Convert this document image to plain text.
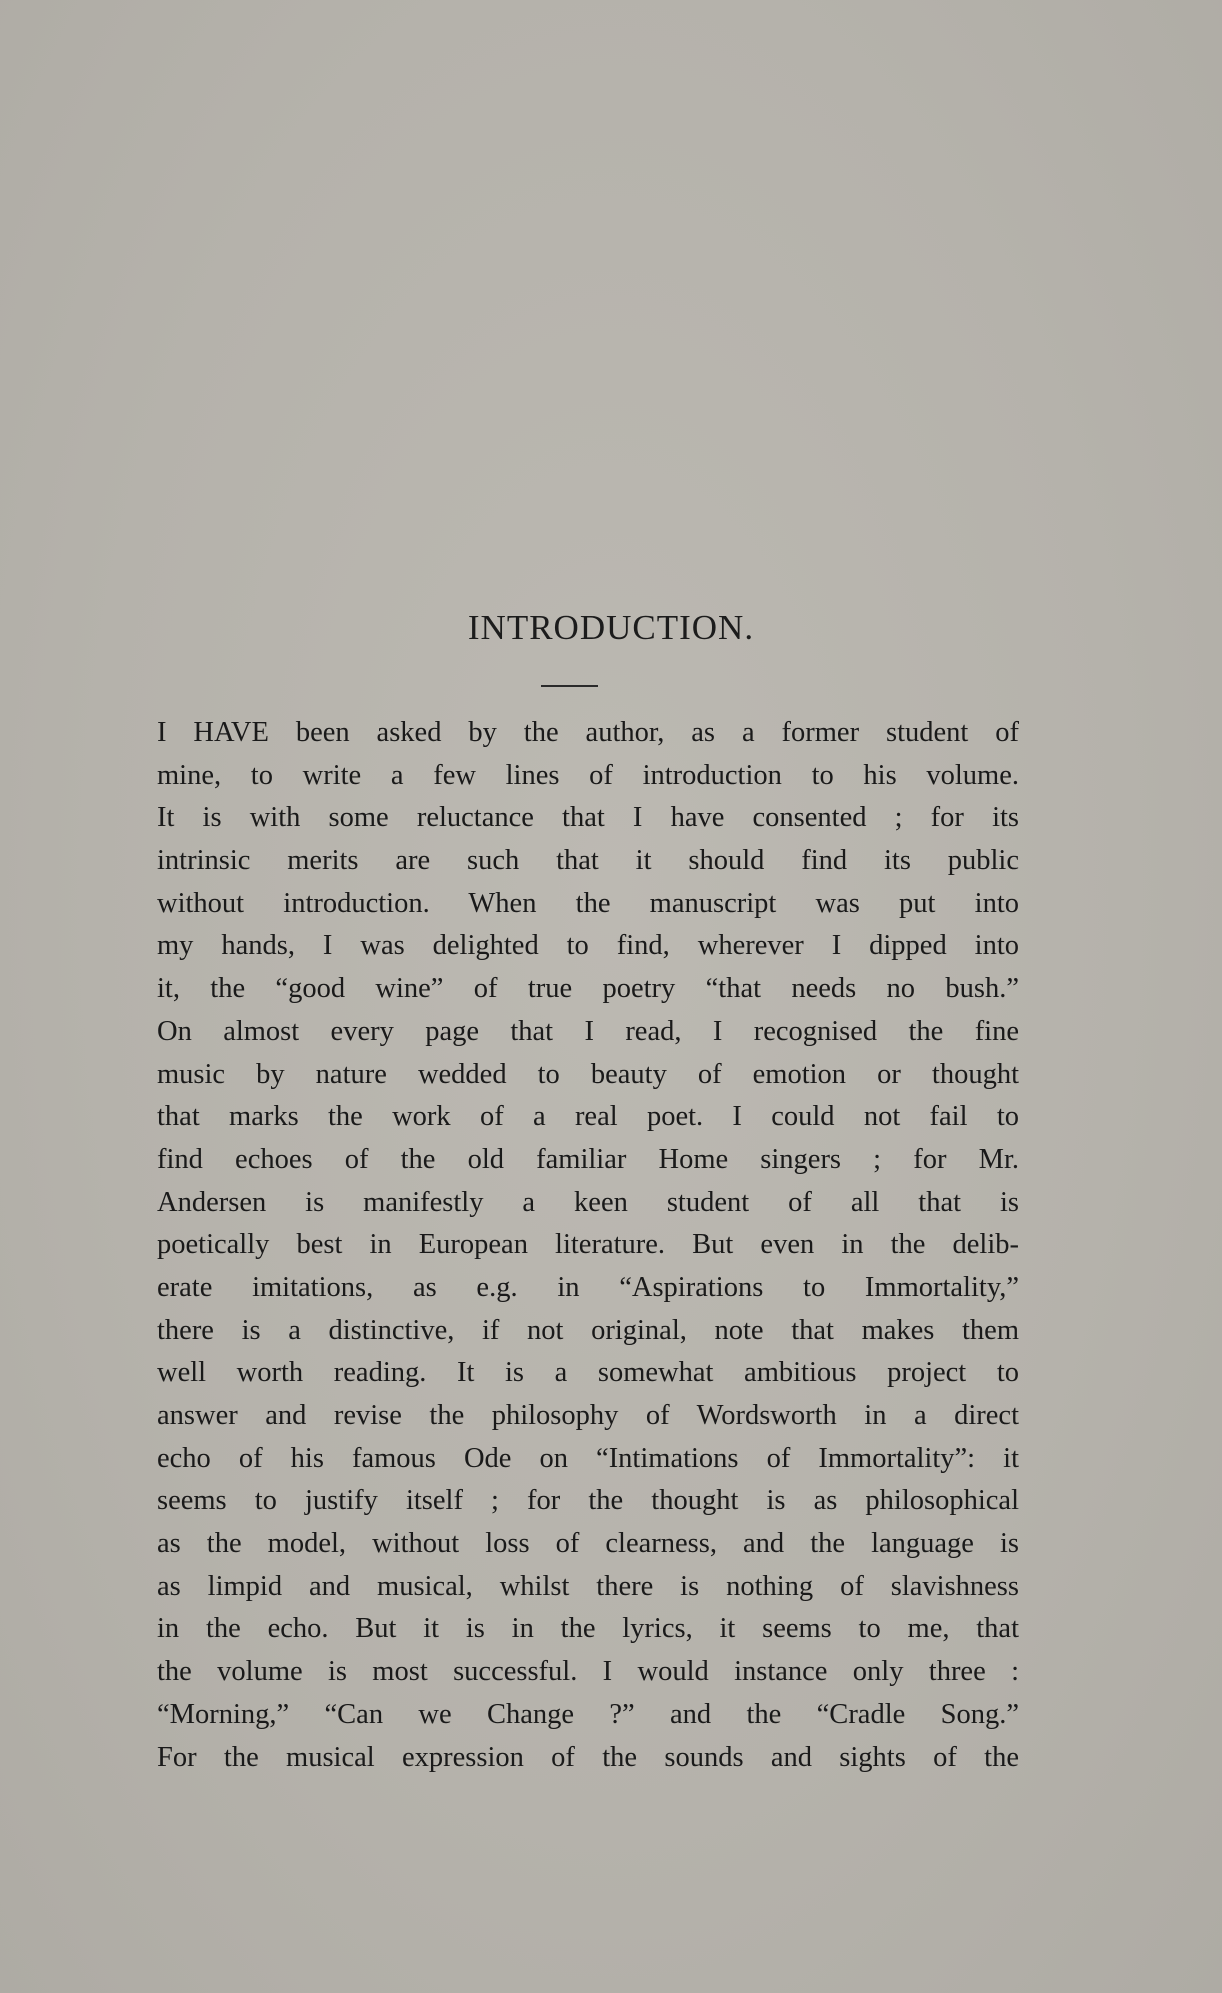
INTRODUCTION.
I HAVE been asked by the author, as a former student of
mine, to write a few lines of introduction to his volume.
It is with some reluctance that I have consented ; for its
intrinsic merits are such that it should find its public
without introduction. When the manuscript was put into
my hands, I was delighted to find, wherever I dipped into
it, the “good wine” of true poetry “that needs no bush.”
On almost every page that I read, I recognised the fine
music by nature wedded to beauty of emotion or thought
that marks the work of a real poet. I could not fail to
find echoes of the old familiar Home singers ; for Mr.
Andersen is manifestly a keen student of all that is
poetically best in European literature. But even in the delib-
erate imitations, as e.g. in “Aspirations to Immortality,”
there is a distinctive, if not original, note that makes them
well worth reading. It is a somewhat ambitious project to
answer and revise the philosophy of Wordsworth in a direct
echo of his famous Ode on “Intimations of Immortality”: it
seems to justify itself ; for the thought is as philosophical
as the model, without loss of clearness, and the language is
as limpid and musical, whilst there is nothing of slavishness
in the echo. But it is in the lyrics, it seems to me, that
the volume is most successful. I would instance only three :
“Morning,” “Can we Change ?” and the “Cradle Song.”
For the musical expression of the sounds and sights of the
